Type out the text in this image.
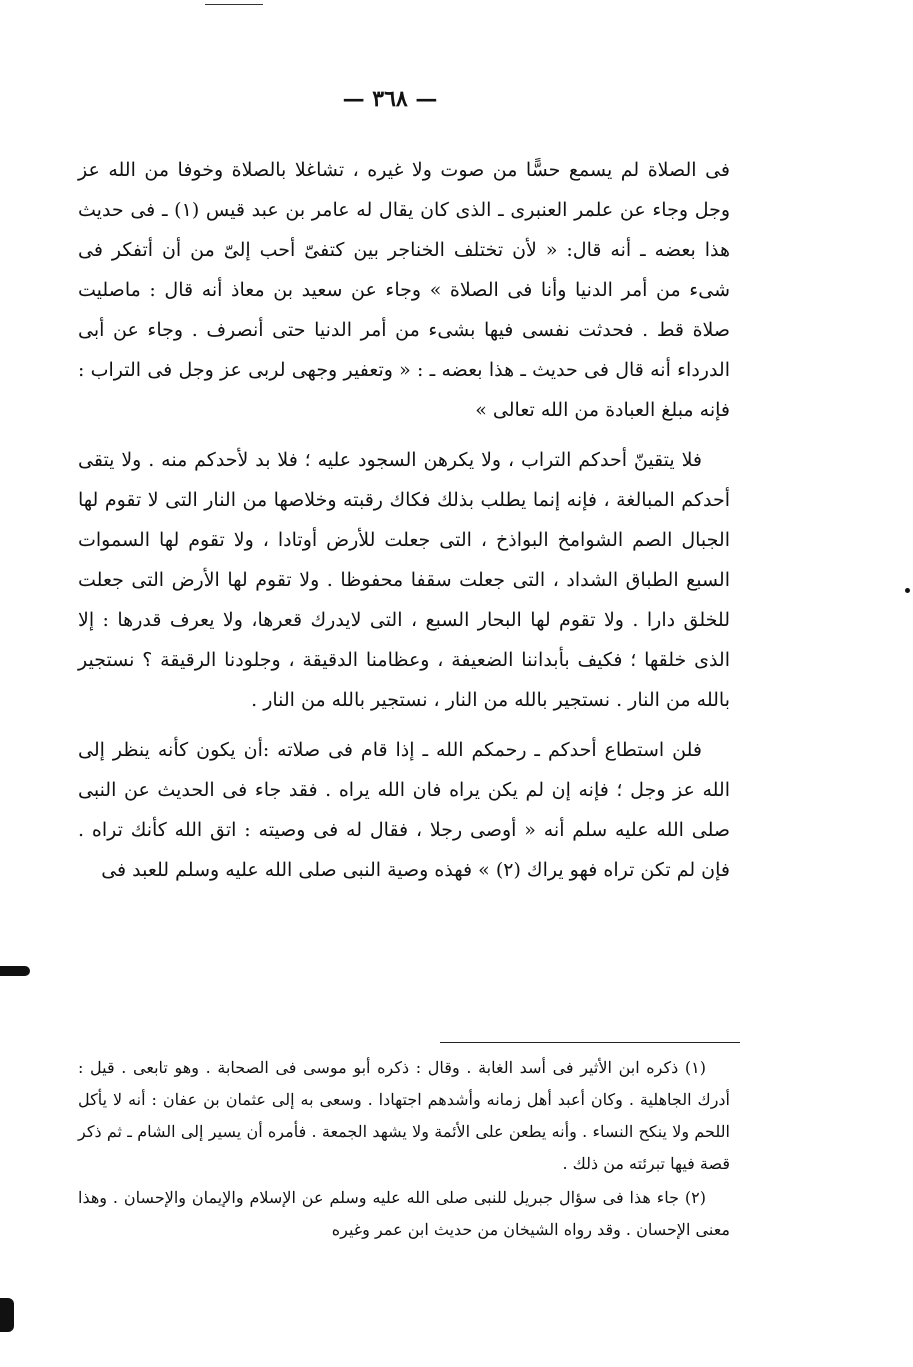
— ٣٦٨ —

فى الصلاة لم يسمع حسًّا من صوت ولا غيره ، تشاغلا بالصلاة وخوفا من الله عز وجل وجاء عن علمر العنبرى ـ الذى كان يقال له عامر بن عبد قيس (١) ـ فى حديث هذا بعضه ـ أنه قال: « لأن تختلف الخناجر بين كتفىّ أحب إلىّ من أن أتفكر فى شىء من أمر الدنيا وأنا فى الصلاة » وجاء عن سعيد بن معاذ أنه قال : ماصليت صلاة قط . فحدثت نفسى فيها بشىء من أمر الدنيا حتى أنصرف . وجاء عن أبى الدرداء أنه قال فى حديث ـ هذا بعضه ـ : « وتعفير وجهى لربى عز وجل فى التراب : فإنه مبلغ العبادة من الله تعالى »

فلا يتقينّ أحدكم التراب ، ولا يكرهن السجود عليه ؛ فلا بد لأحدكم منه . ولا يتقى أحدكم المبالغة ، فإنه إنما يطلب بذلك فكاك رقبته وخلاصها من النار التى لا تقوم لها الجبال الصم الشوامخ البواذخ ، التى جعلت للأرض أوتادا ، ولا تقوم لها السموات السبع الطباق الشداد ، التى جعلت سقفا محفوظا . ولا تقوم لها الأرض التى جعلت للخلق دارا . ولا تقوم لها البحار السبع ، التى لايدرك قعرها، ولا يعرف قدرها : إلا الذى خلقها ؛ فكيف بأبداننا الضعيفة ، وعظامنا الدقيقة ، وجلودنا الرقيقة ؟ نستجير بالله من النار . نستجير بالله من النار ، نستجير بالله من النار .

فلن استطاع أحدكم ـ رحمكم الله ـ إذا قام فى صلاته :أن يكون كأنه ينظر إلى الله عز وجل ؛ فإنه إن لم يكن يراه فان الله يراه . فقد جاء فى الحديث عن النبى صلى الله عليه سلم أنه « أوصى رجلا ، فقال له فى وصيته : اتق الله كأنك تراه . فإن لم تكن تراه فهو يراك (٢) » فهذه وصية النبى صلى الله عليه وسلم للعبد فى

(١) ذكره ابن الأثير فى أسد الغابة . وقال : ذكره أبو موسى فى الصحابة . وهو تابعى . قيل : أدرك الجاهلية . وكان أعبد أهل زمانه وأشدهم اجتهادا . وسعى به إلى عثمان بن عفان : أنه لا يأكل اللحم ولا ينكح النساء . وأنه يطعن على الأئمة ولا يشهد الجمعة . فأمره أن يسير إلى الشام ـ ثم ذكر قصة فيها تبرئته من ذلك .

(٢) جاء هذا فى سؤال جبريل للنبى صلى الله عليه وسلم عن الإسلام والإيمان والإحسان . وهذا معنى الإحسان . وقد رواه الشيخان من حديث ابن عمر وغيره
